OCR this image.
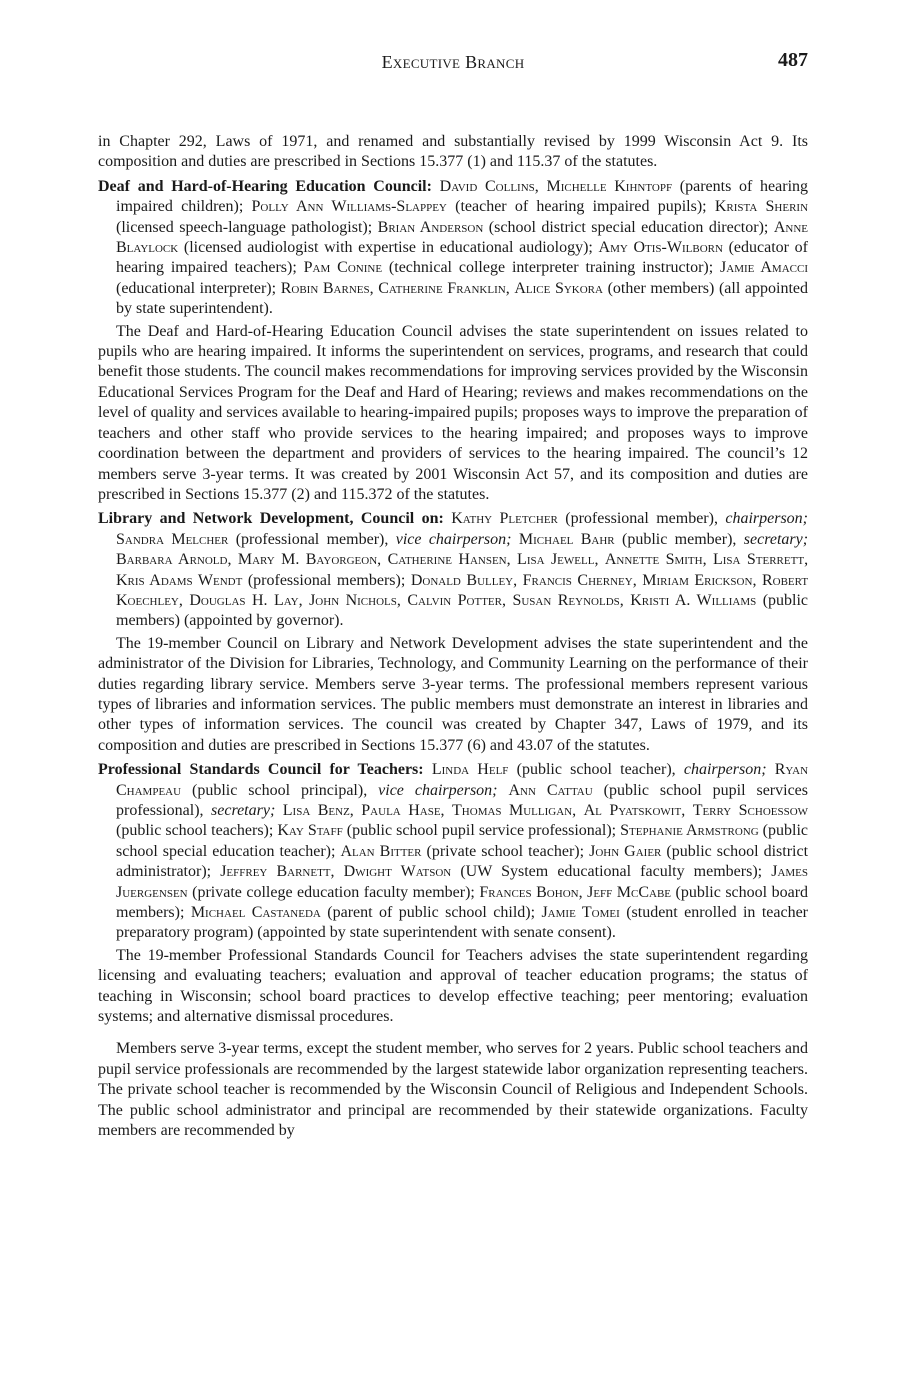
Executive Branch	487

in Chapter 292, Laws of 1971, and renamed and substantially revised by 1999 Wisconsin Act 9. Its composition and duties are prescribed in Sections 15.377 (1) and 115.37 of the statutes.

Deaf and Hard-of-Hearing Education Council: David Collins, Michelle Kihntopf (parents of hearing impaired children); Polly Ann Williams-Slappey (teacher of hearing impaired pupils); Krista Sherin (licensed speech-language pathologist); Brian Anderson (school district special education director); Anne Blaylock (licensed audiologist with expertise in educational audiology); Amy Otis-Wilborn (educator of hearing impaired teachers); Pam Conine (technical college interpreter training instructor); Jamie Amacci (educational interpreter); Robin Barnes, Catherine Franklin, Alice Sykora (other members) (all appointed by state superintendent).

The Deaf and Hard-of-Hearing Education Council advises the state superintendent on issues related to pupils who are hearing impaired. It informs the superintendent on services, programs, and research that could benefit those students. The council makes recommendations for improving services provided by the Wisconsin Educational Services Program for the Deaf and Hard of Hearing; reviews and makes recommendations on the level of quality and services available to hearing-impaired pupils; proposes ways to improve the preparation of teachers and other staff who provide services to the hearing impaired; and proposes ways to improve coordination between the department and providers of services to the hearing impaired. The council’s 12 members serve 3-year terms. It was created by 2001 Wisconsin Act 57, and its composition and duties are prescribed in Sections 15.377 (2) and 115.372 of the statutes.

Library and Network Development, Council on: Kathy Pletcher (professional member), chairperson; Sandra Melcher (professional member), vice chairperson; Michael Bahr (public member), secretary; Barbara Arnold, Mary M. Bayorgeon, Catherine Hansen, Lisa Jewell, Annette Smith, Lisa Sterrett, Kris Adams Wendt (professional members); Donald Bulley, Francis Cherney, Miriam Erickson, Robert Koechley, Douglas H. Lay, John Nichols, Calvin Potter, Susan Reynolds, Kristi A. Williams (public members) (appointed by governor).

The 19-member Council on Library and Network Development advises the state superintendent and the administrator of the Division for Libraries, Technology, and Community Learning on the performance of their duties regarding library service. Members serve 3-year terms. The professional members represent various types of libraries and information services. The public members must demonstrate an interest in libraries and other types of information services. The council was created by Chapter 347, Laws of 1979, and its composition and duties are prescribed in Sections 15.377 (6) and 43.07 of the statutes.

Professional Standards Council for Teachers: Linda Helf (public school teacher), chairperson; Ryan Champeau (public school principal), vice chairperson; Ann Cattau (public school pupil services professional), secretary; Lisa Benz, Paula Hase, Thomas Mulligan, Al Pyatskowit, Terry Schoessow (public school teachers); Kay Staff (public school pupil service professional); Stephanie Armstrong (public school special education teacher); Alan Bitter (private school teacher); John Gaier (public school district administrator); Jeffrey Barnett, Dwight Watson (UW System educational faculty members); James Juergensen (private college education faculty member); Frances Bohon, Jeff McCabe (public school board members); Michael Castaneda (parent of public school child); Jamie Tomei (student enrolled in teacher preparatory program) (appointed by state superintendent with senate consent).

The 19-member Professional Standards Council for Teachers advises the state superintendent regarding licensing and evaluating teachers; evaluation and approval of teacher education programs; the status of teaching in Wisconsin; school board practices to develop effective teaching; peer mentoring; evaluation systems; and alternative dismissal procedures.

Members serve 3-year terms, except the student member, who serves for 2 years. Public school teachers and pupil service professionals are recommended by the largest statewide labor organization representing teachers. The private school teacher is recommended by the Wisconsin Council of Religious and Independent Schools. The public school administrator and principal are recommended by their statewide organizations. Faculty members are recommended by
